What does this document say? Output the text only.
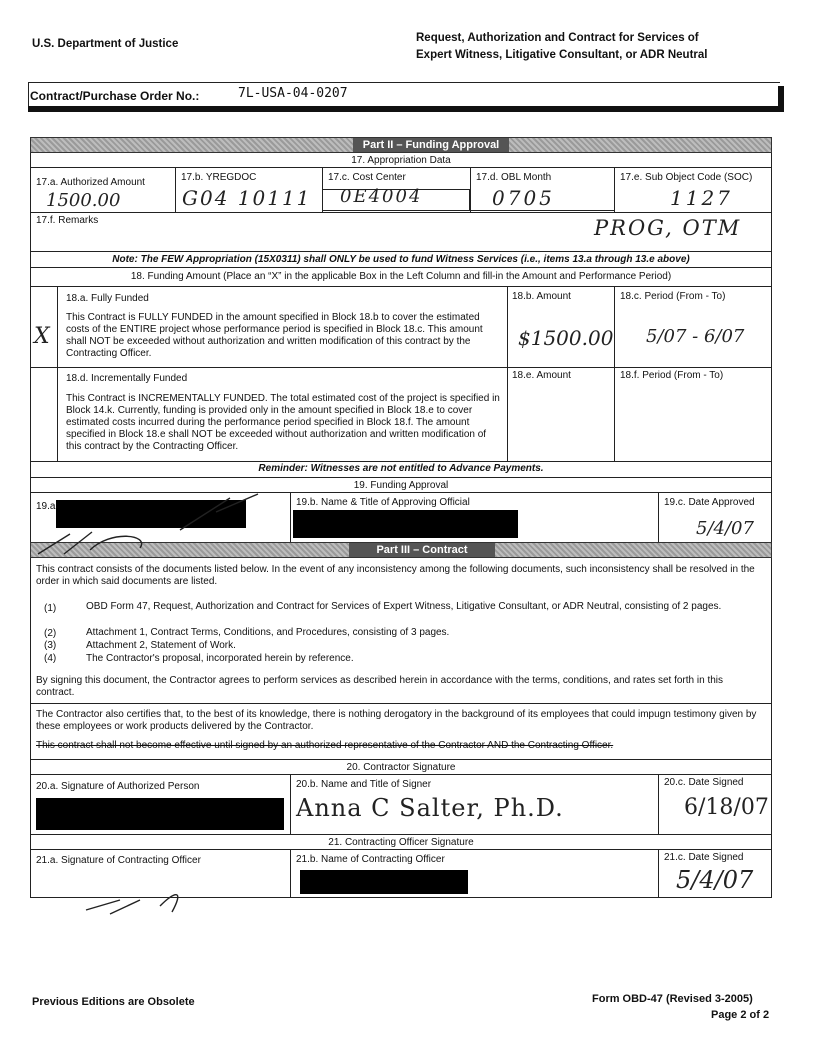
U.S. Department of Justice	Request, Authorization and Contract for Services of
Expert Witness, Litigative Consultant, or ADR Neutral
Contract/Purchase Order No.:	7L-USA-04-0207
Part II – Funding Approval
17. Appropriation Data
17.a. Authorized Amount
1500.00
17.b. YREGDOC
G04 10111
17.c. Cost Center
0E4004
17.d. OBL Month
0705
17.e. Sub Object Code (SOC)
1127
17.f. Remarks	PROG, OTM
Note: The FEW Appropriation (15X0311) shall ONLY be used to fund Witness Services (i.e., items 13.a through 13.e above)
18. Funding Amount (Place an “X” in the applicable Box in the Left Column and fill-in the Amount and Performance Period)
X
18.a. Fully Funded
This Contract is FULLY FUNDED in the amount specified in Block 18.b to cover the estimated costs of the ENTIRE project whose performance period is specified in Block 18.c. This amount shall NOT be exceeded without authorization and written modification of this contract by the Contracting Officer.
18.b. Amount
$1500.00
18.c. Period (From - To)
5/07 - 6/07
18.d. Incrementally Funded
This Contract is INCREMENTALLY FUNDED. The total estimated cost of the project is specified in Block 14.k. Currently, funding is provided only in the amount specified in Block 18.e to cover estimated costs incurred during the performance period specified in Block 18.f. The amount specified in Block 18.e shall NOT be exceeded without authorization and written modification of this contract by the Contracting Officer.
18.e. Amount	18.f. Period (From - To)
Reminder: Witnesses are not entitled to Advance Payments.
19. Funding Approval
19.a	19.b. Name & Title of Approving Official	19.c. Date Approved
5/4/07
Part III – Contract
This contract consists of the documents listed below. In the event of any inconsistency among the following documents, such inconsistency shall be resolved in the order in which said documents are listed.
(1)	OBD Form 47, Request, Authorization and Contract for Services of Expert Witness, Litigative Consultant, or ADR Neutral, consisting of 2 pages.
(2)	Attachment 1, Contract Terms, Conditions, and Procedures, consisting of 3 pages.
(3)	Attachment 2, Statement of Work.
(4)	The Contractor's proposal, incorporated herein by reference.
By signing this document, the Contractor agrees to perform services as described herein in accordance with the terms, conditions, and rates set forth in this contract.
The Contractor also certifies that, to the best of its knowledge, there is nothing derogatory in the background of its employees that could impugn testimony given by these employees or work products delivered by the Contractor.
This contract shall not become effective until signed by an authorized representative of the Contractor AND the Contracting Officer.
20. Contractor Signature
20.a. Signature of Authorized Person	20.b. Name and Title of Signer
Anna C Salter, Ph.D.
20.c. Date Signed
6/18/07
21. Contracting Officer Signature
21.a. Signature of Contracting Officer	21.b. Name of Contracting Officer	21.c. Date Signed
5/4/07
Previous Editions are Obsolete	Form OBD-47 (Revised 3-2005)
Page 2 of 2
